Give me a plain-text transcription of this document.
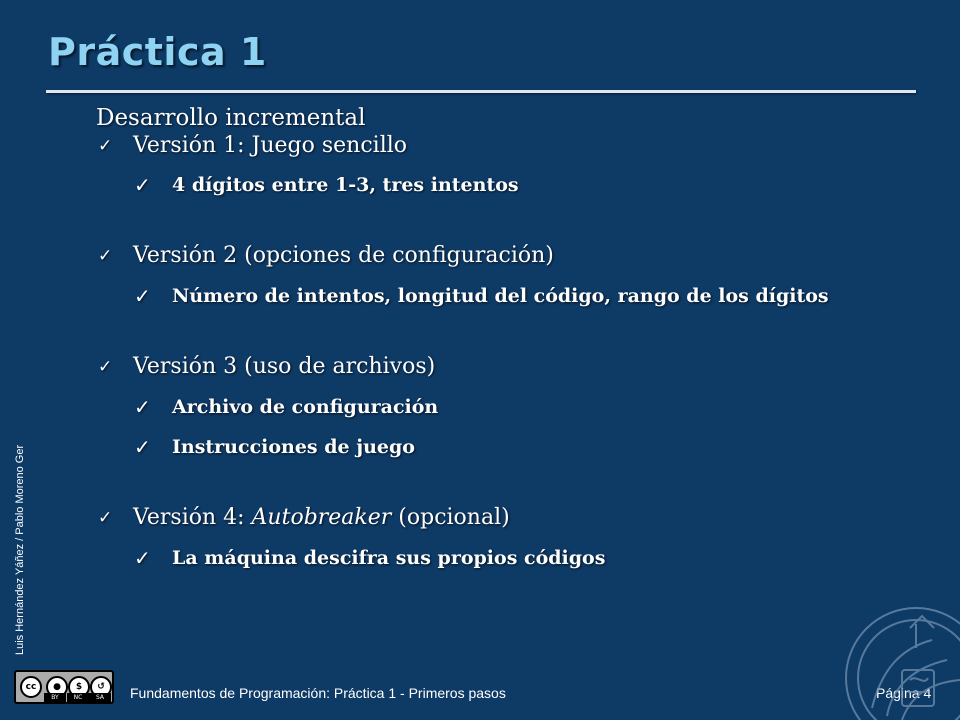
Práctica 1
Desarrollo incremental
✓ Versión 1: Juego sencillo
✓ 4 dígitos entre 1-3, tres intentos
✓ Versión 2 (opciones de configuración)
✓ Número de intentos, longitud del código, rango de los dígitos
✓ Versión 3 (uso de archivos)
✓ Archivo de configuración
✓ Instrucciones de juego
✓ Versión 4: Autobreaker (opcional)
✓ La máquina descifra sus propios códigos
Luis Hernández Yáñez / Pablo Moreno Ger
cc	●	$	↺
BY	NC	SA	Fundamentos de Programación: Práctica 1 - Primeros pasos	Página 4
